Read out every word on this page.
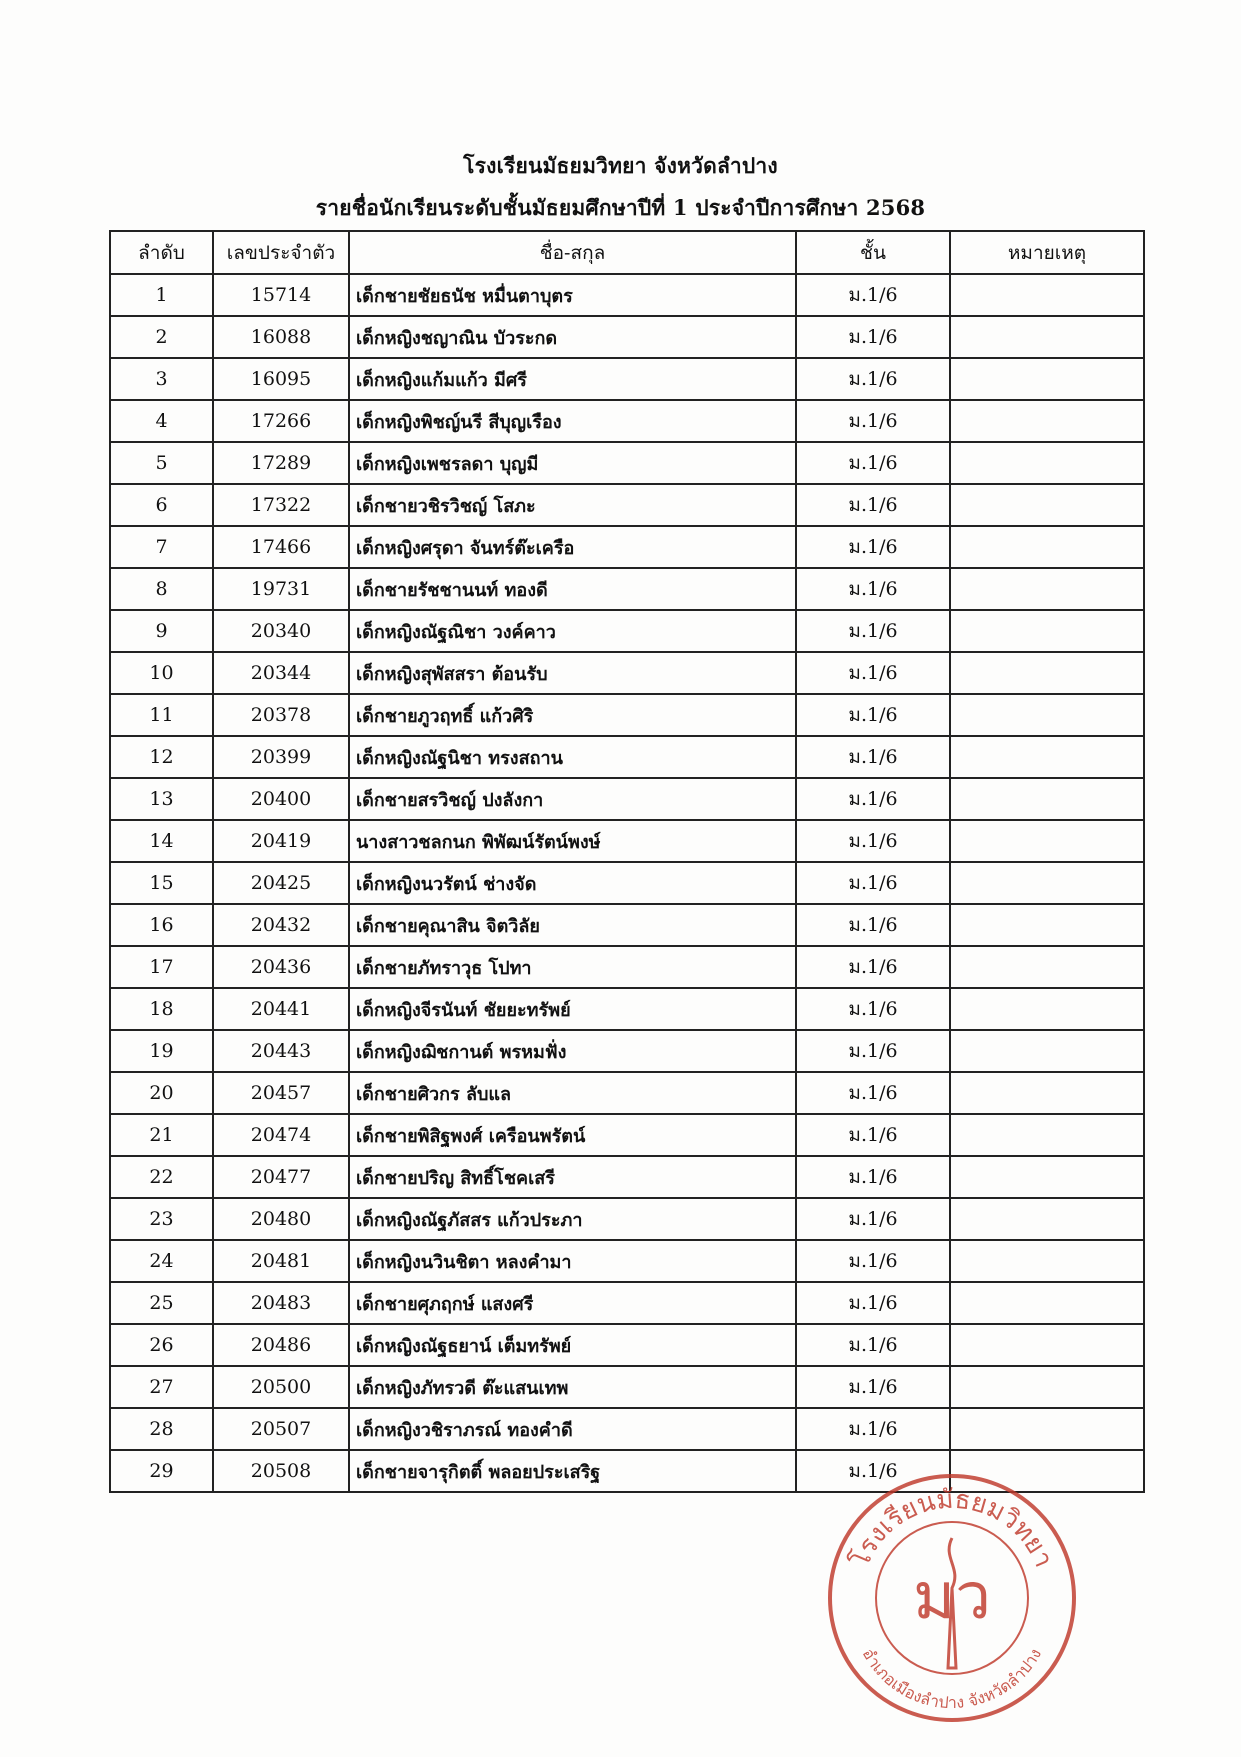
โรงเรียนมัธยมวิทยา จังหวัดลำปาง
รายชื่อนักเรียนระดับชั้นมัธยมศึกษาปีที่ 1 ประจำปีการศึกษา 2568
ลำดับ	เลขประจำตัว	ชื่อ-สกุล	ชั้น	หมายเหตุ
1	15714	เด็กชายชัยธนัช หมื่นตาบุตร	ม.1/6	
2	16088	เด็กหญิงชญาณิน บัวระกด	ม.1/6	
3	16095	เด็กหญิงแก้มแก้ว มีศรี	ม.1/6	
4	17266	เด็กหญิงพิชญ์นรี สีบุญเรือง	ม.1/6	
5	17289	เด็กหญิงเพชรลดา บุญมี	ม.1/6	
6	17322	เด็กชายวชิรวิชญ์ โสภะ	ม.1/6	
7	17466	เด็กหญิงศรุดา จันทร์ต๊ะเครือ	ม.1/6	
8	19731	เด็กชายรัชชานนท์ ทองดี	ม.1/6	
9	20340	เด็กหญิงณัฐณิชา วงค์คาว	ม.1/6	
10	20344	เด็กหญิงสุพัสสรา ต้อนรับ	ม.1/6	
11	20378	เด็กชายภูวฤทธิ์ แก้วศิริ	ม.1/6	
12	20399	เด็กหญิงณัฐนิชา ทรงสถาน	ม.1/6	
13	20400	เด็กชายสรวิชญ์ ปงลังกา	ม.1/6	
14	20419	นางสาวชลกนก พิพัฒน์รัตน์พงษ์	ม.1/6	
15	20425	เด็กหญิงนวรัตน์ ช่างจัด	ม.1/6	
16	20432	เด็กชายคุณาสิน จิตวิลัย	ม.1/6	
17	20436	เด็กชายภัทราวุธ โปทา	ม.1/6	
18	20441	เด็กหญิงจีรนันท์ ชัยยะทรัพย์	ม.1/6	
19	20443	เด็กหญิงฌิชกานต์ พรหมฟั่ง	ม.1/6	
20	20457	เด็กชายศิวกร ลับแล	ม.1/6	
21	20474	เด็กชายพิสิฐพงศ์ เครือนพรัตน์	ม.1/6	
22	20477	เด็กชายปริญ สิทธิ์โชคเสรี	ม.1/6	
23	20480	เด็กหญิงณัฐภัสสร แก้วประภา	ม.1/6	
24	20481	เด็กหญิงนวินชิตา หลงคำมา	ม.1/6	
25	20483	เด็กชายศุภฤกษ์ แสงศรี	ม.1/6	
26	20486	เด็กหญิงณัฐธยาน์ เต็มทรัพย์	ม.1/6	
27	20500	เด็กหญิงภัทรวดี ต๊ะแสนเทพ	ม.1/6	
28	20507	เด็กหญิงวชิราภรณ์ ทองคำดี	ม.1/6	
29	20508	เด็กชายจารุกิตติ์ พลอยประเสริฐ	ม.1/6	
โรงเรียนมัธยมวิทยา
อำเภอเมืองลำปาง จังหวัดลำปาง
มว
